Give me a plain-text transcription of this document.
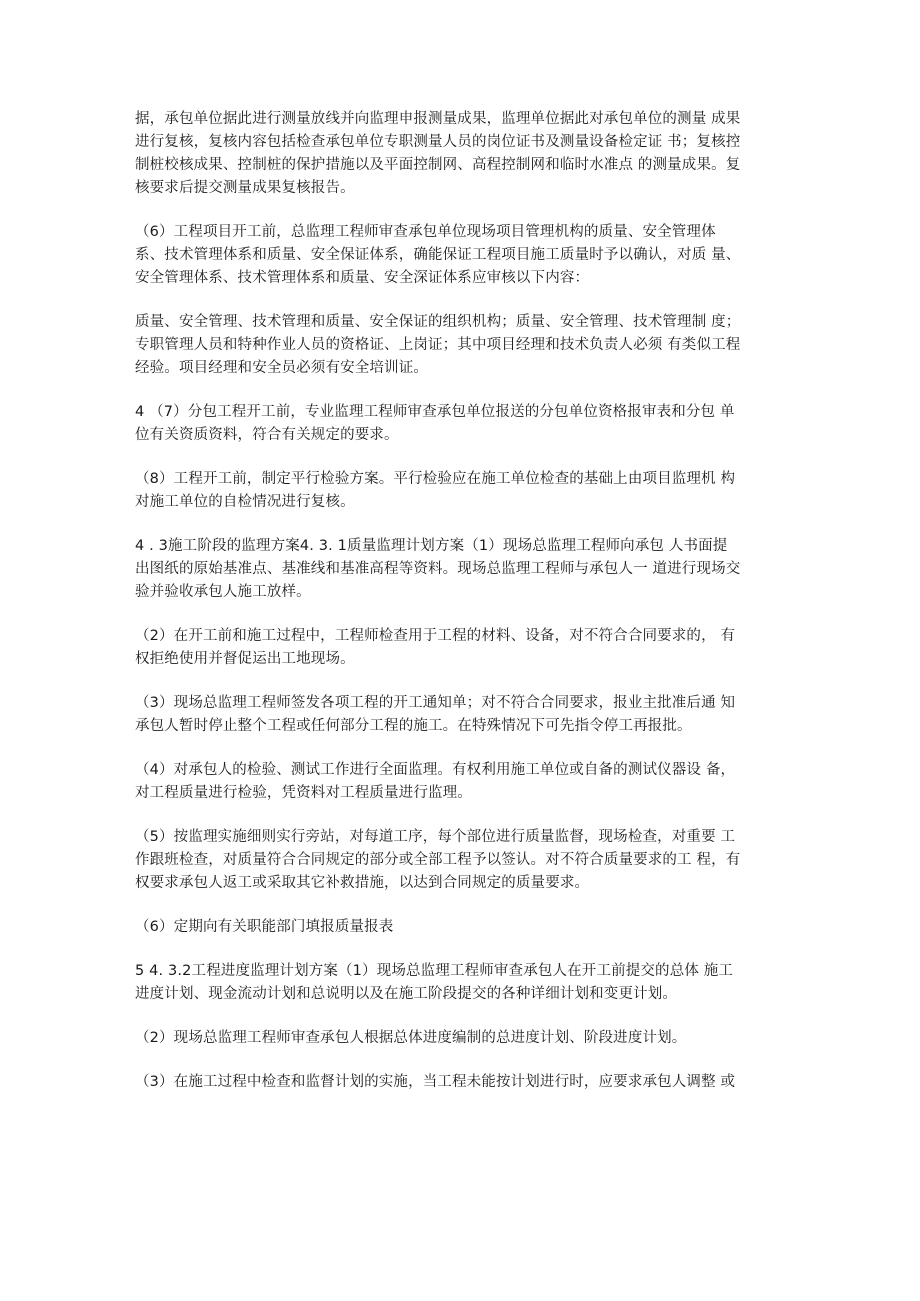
据，承包单位据此进行测量放线并向监理申报测量成果，监理单位据此对承包单位的测量 成果
进行复核，复核内容包括检查承包单位专职测量人员的岗位证书及测量设备检定证 书；复核控
制桩校核成果、控制桩的保护措施以及平面控制网、高程控制网和临时水准点 的测量成果。复
核要求后提交测量成果复核报告。

（6）工程项目开工前，总监理工程师审查承包单位现场项目管理机构的质量、安全管理体
系、技术管理体系和质量、安全保证体系，确能保证工程项目施工质量时予以确认，对质 量、
安全管理体系、技术管理体系和质量、安全深证体系应审核以下内容：

质量、安全管理、技术管理和质量、安全保证的组织机构；质量、安全管理、技术管理制 度；
专职管理人员和特种作业人员的资格证、上岗证；其中项目经理和技术负责人必须 有类似工程
经验。项目经理和安全员必须有安全培训证。

4 （7）分包工程开工前，专业监理工程师审查承包单位报送的分包单位资格报审表和分包 单
位有关资质资料，符合有关规定的要求。

（8）工程开工前，制定平行检验方案。平行检验应在施工单位检查的基础上由项目监理机 构
对施工单位的自检情况进行复核。

4 . 3施工阶段的监理方案4. 3. 1质量监理计划方案（1）现场总监理工程师向承包 人书面提
出图纸的原始基准点、基准线和基准高程等资料。现场总监理工程师与承包人一 道进行现场交
验并验收承包人施工放样。

（2）在开工前和施工过程中，工程师检查用于工程的材料、设备，对不符合合同要求的， 有
权拒绝使用并督促运出工地现场。

（3）现场总监理工程师签发各项工程的开工通知单；对不符合合同要求，报业主批准后通 知
承包人暂时停止整个工程或任何部分工程的施工。在特殊情况下可先指令停工再报批。

（4）对承包人的检验、测试工作进行全面监理。有权利用施工单位或自备的测试仪器设 备，
对工程质量进行检验，凭资料对工程质量进行监理。

（5）按监理实施细则实行旁站，对每道工序，每个部位进行质量监督，现场检查，对重要 工
作跟班检查，对质量符合合同规定的部分或全部工程予以签认。对不符合质量要求的工 程，有
权要求承包人返工或采取其它补救措施，以达到合同规定的质量要求。

（6）定期向有关职能部门填报质量报表

5 4. 3.2工程进度监理计划方案（1）现场总监理工程师审查承包人在开工前提交的总体 施工
进度计划、现金流动计划和总说明以及在施工阶段提交的各种详细计划和变更计划。

（2）现场总监理工程师审查承包人根据总体进度编制的总进度计划、阶段进度计划。

（3）在施工过程中检查和监督计划的实施，当工程未能按计划进行时，应要求承包人调整 或
